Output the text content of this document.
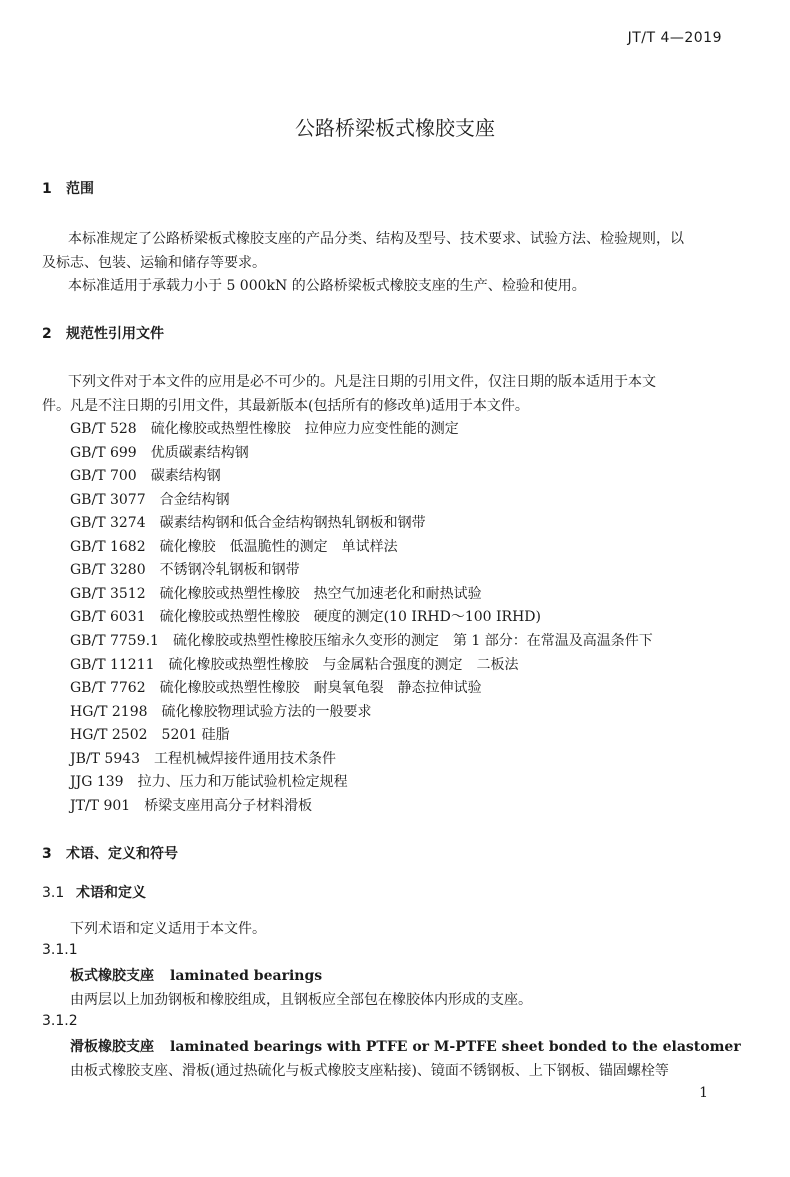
JT/T 4—2019
公路桥梁板式橡胶支座
1 范围
本标准规定了公路桥梁板式橡胶支座的产品分类、结构及型号、技术要求、试验方法、检验规则，以
及标志、包装、运输和储存等要求。
本标准适用于承载力小于 5 000kN 的公路桥梁板式橡胶支座的生产、检验和使用。
2 规范性引用文件
下列文件对于本文件的应用是必不可少的。凡是注日期的引用文件，仅注日期的版本适用于本文
件。凡是不注日期的引用文件，其最新版本(包括所有的修改单)适用于本文件。
GB/T 528 硫化橡胶或热塑性橡胶　拉伸应力应变性能的测定
GB/T 699 优质碳素结构钢
GB/T 700 碳素结构钢
GB/T 3077 合金结构钢
GB/T 3274 碳素结构钢和低合金结构钢热轧钢板和钢带
GB/T 1682 硫化橡胶　低温脆性的测定　单试样法
GB/T 3280 不锈钢冷轧钢板和钢带
GB/T 3512 硫化橡胶或热塑性橡胶　热空气加速老化和耐热试验
GB/T 6031 硫化橡胶或热塑性橡胶　硬度的测定(10 IRHD～100 IRHD)
GB/T 7759.1 硫化橡胶或热塑性橡胶压缩永久变形的测定　第 1 部分：在常温及高温条件下
GB/T 11211 硫化橡胶或热塑性橡胶　与金属粘合强度的测定　二板法
GB/T 7762 硫化橡胶或热塑性橡胶　耐臭氧龟裂　静态拉伸试验
HG/T 2198 硫化橡胶物理试验方法的一般要求
HG/T 2502 5201 硅脂
JB/T 5943 工程机械焊接件通用技术条件
JJG 139 拉力、压力和万能试验机检定规程
JT/T 901 桥梁支座用高分子材料滑板
3 术语、定义和符号
3.1 术语和定义
下列术语和定义适用于本文件。
3.1.1
板式橡胶支座 laminated bearings
由两层以上加劲钢板和橡胶组成，且钢板应全部包在橡胶体内形成的支座。
3.1.2
滑板橡胶支座 laminated bearings with PTFE or M-PTFE sheet bonded to the elastomer
由板式橡胶支座、滑板(通过热硫化与板式橡胶支座粘接)、镜面不锈钢板、上下钢板、锚固螺栓等
1
